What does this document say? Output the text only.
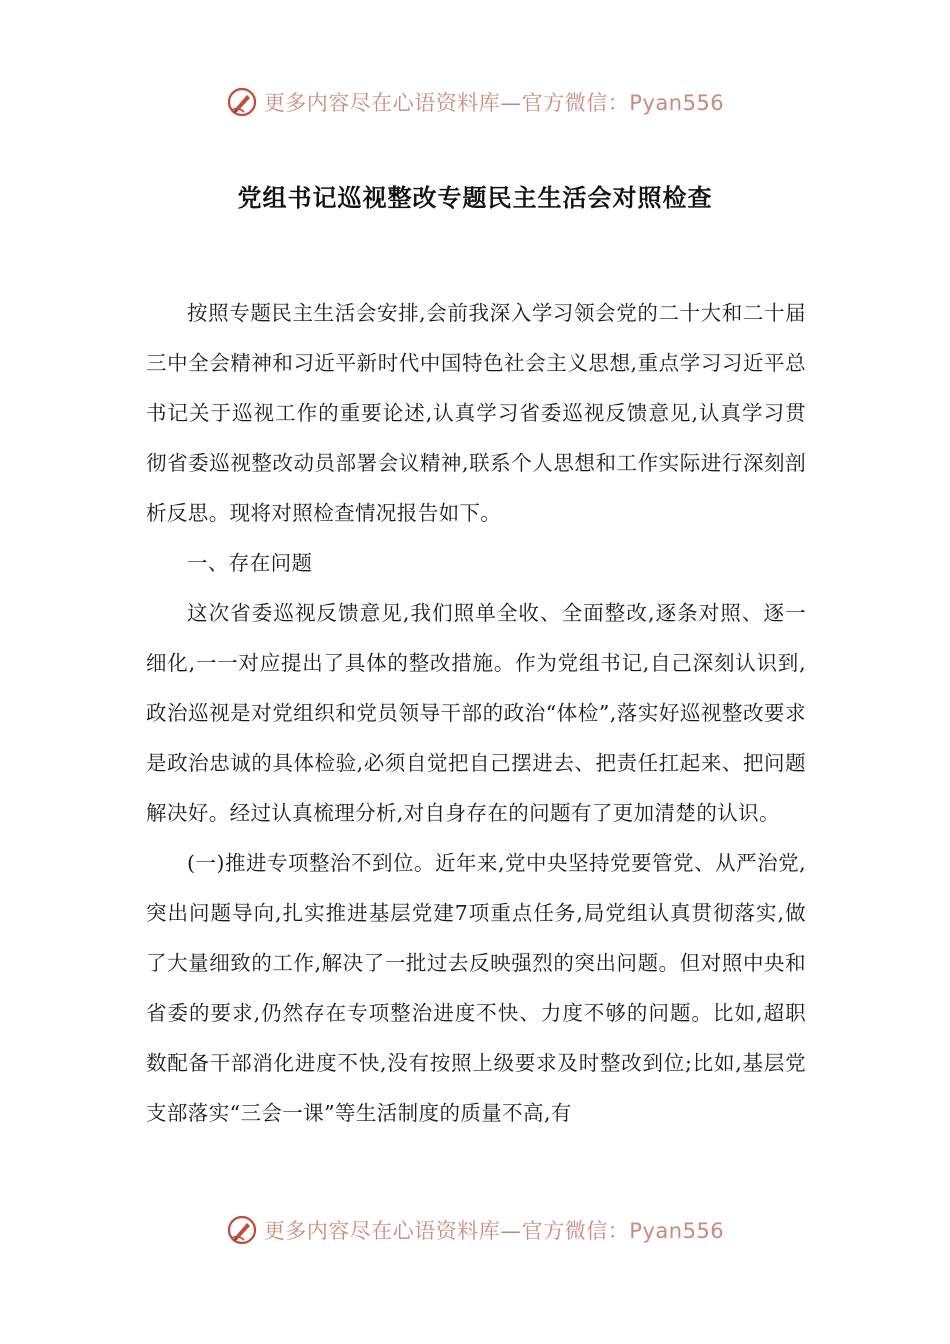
更多内容尽在心语资料库—官方微信：Pyan556
党组书记巡视整改专题民主生活会对照检查

按照专题民主生活会安排,会前我深入学习领会党的二十大和二十届三中全会精神和习近平新时代中国特色社会主义思想,重点学习习近平总书记关于巡视工作的重要论述,认真学习省委巡视反馈意见,认真学习贯彻省委巡视整改动员部署会议精神,联系个人思想和工作实际进行深刻剖析反思。现将对照检查情况报告如下。

一、存在问题

这次省委巡视反馈意见,我们照单全收、全面整改,逐条对照、逐一细化,一一对应提出了具体的整改措施。作为党组书记,自己深刻认识到,政治巡视是对党组织和党员领导干部的政治“体检”,落实好巡视整改要求是政治忠诚的具体检验,必须自觉把自己摆进去、把责任扛起来、把问题解决好。经过认真梳理分析,对自身存在的问题有了更加清楚的认识。

(一)推进专项整治不到位。近年来,党中央坚持党要管党、从严治党,突出问题导向,扎实推进基层党建7项重点任务,局党组认真贯彻落实,做了大量细致的工作,解决了一批过去反映强烈的突出问题。但对照中央和省委的要求,仍然存在专项整治进度不快、力度不够的问题。比如,超职数配备干部消化进度不快,没有按照上级要求及时整改到位;比如,基层党支部落实“三会一课”等生活制度的质量不高,有

更多内容尽在心语资料库—官方微信：Pyan556
